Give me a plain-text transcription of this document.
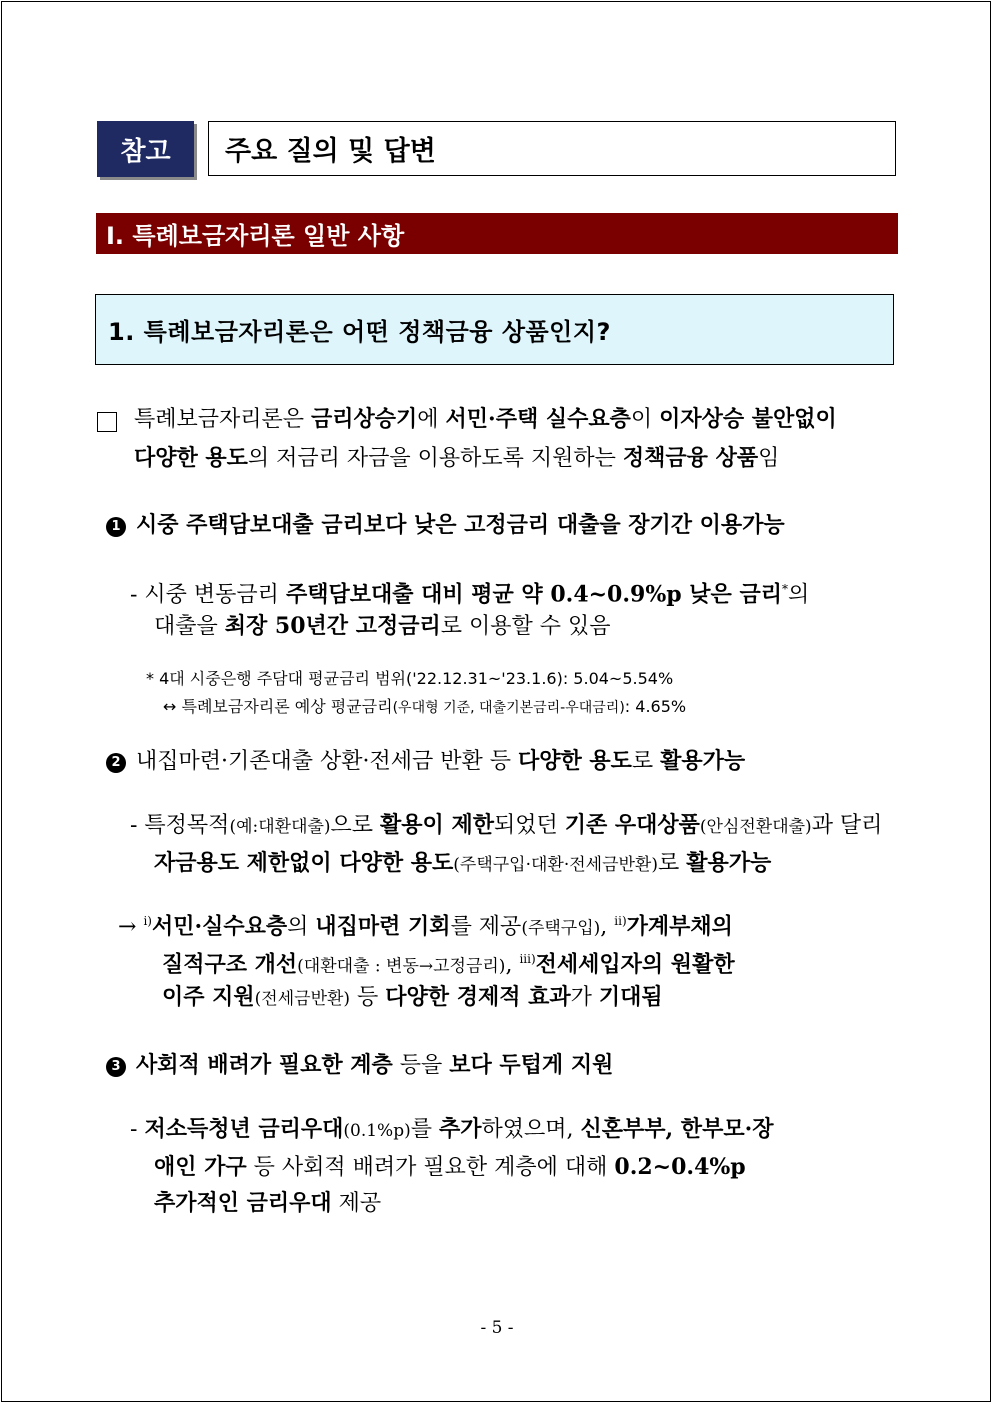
참고	주요 질의 및 답변
Ⅰ. 특례보금자리론 일반 사항
1. 특례보금자리론은 어떤 정책금융 상품인지?
특례보금자리론은 금리상승기에 서민·주택 실수요층이 이자상승 불안없이
다양한 용도의 저금리 자금을 이용하도록 지원하는 정책금융 상품임
1 시중 주택담보대출 금리보다 낮은 고정금리 대출을 장기간 이용가능
- 시중 변동금리 주택담보대출 대비 평균 약 0.4~0.9%p 낮은 금리*의
대출을 최장 50년간 고정금리로 이용할 수 있음
* 4대 시중은행 주담대 평균금리 범위('22.12.31~'23.1.6): 5.04~5.54%
↔ 특례보금자리론 예상 평균금리(우대형 기준, 대출기본금리-우대금리): 4.65%
2 내집마련·기존대출 상환·전세금 반환 등 다양한 용도로 활용가능
- 특정목적(예:대환대출)으로 활용이 제한되었던 기존 우대상품(안심전환대출)과 달리
자금용도 제한없이 다양한 용도(주택구입·대환·전세금반환)로 활용가능
→ $^{i)}$서민·실수요층의 내집마련 기회를 제공(주택구입), $^{ii)}$가계부채의
질적구조 개선(대환대출 : 변동→고정금리), $^{iii)}$전세세입자의 원활한
이주 지원(전세금반환) 등 다양한 경제적 효과가 기대됨
3 사회적 배려가 필요한 계층 등을 보다 두텁게 지원
- 저소득청년 금리우대(0.1%p)를 추가하였으며, 신혼부부, 한부모·장
애인 가구 등 사회적 배려가 필요한 계층에 대해 0.2~0.4%p
추가적인 금리우대 제공
- 5 -
